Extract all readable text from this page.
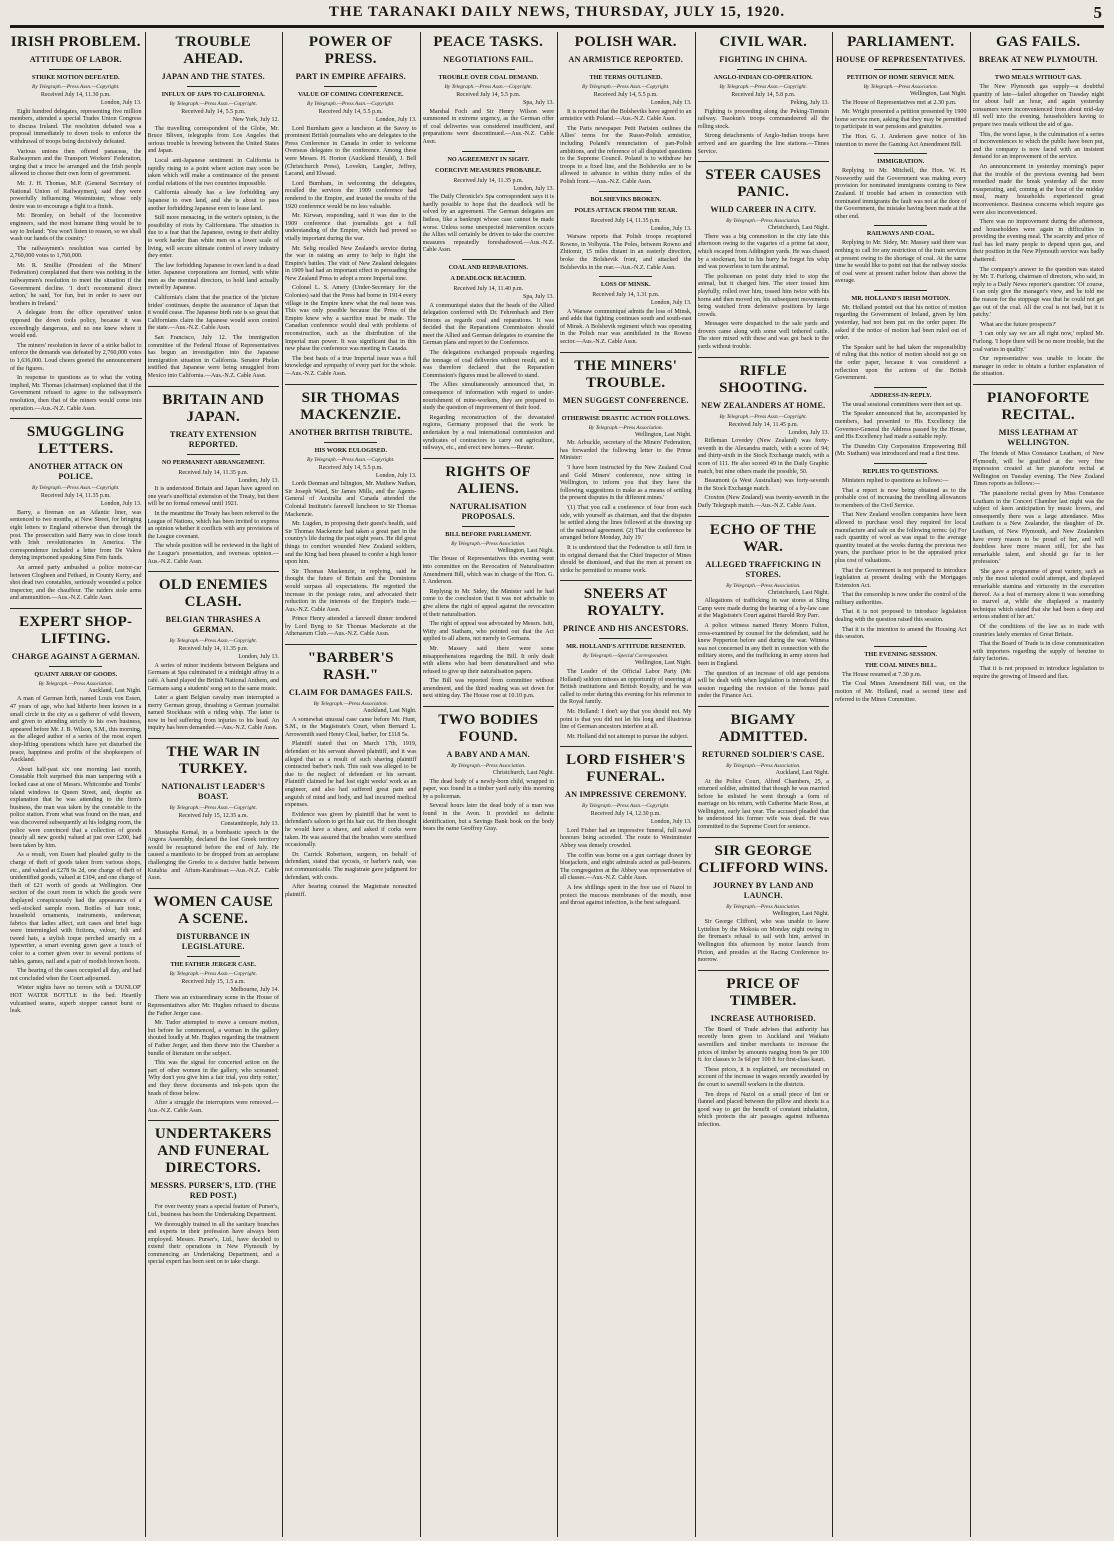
THE TARANAKI DAILY NEWS, THURSDAY, JULY 15, 1920.	5
IRISH PROBLEM.
ATTITUDE OF LABOR.
STRIKE MOTION DEFEATED.
By Telegraph.—Press Assn.—Copyright.
Received July 14, 11.30 p.m.
London, July 13.

Eight hundred delegates, representing five million members, attended a special Trades Union Congress to discuss Ireland. The resolution debated was a proposal immediately to down tools to enforce the withdrawal of troops being decisively defeated.

Various unions then offered panaceas, the Railwaymen and the Transport Workers' Federation, urging that a truce be arranged and the Irish people allowed to choose their own form of government.

Mr. J. H. Thomas, M.P. (General Secretary of National Union of Railwaymen), said they were powerfully influencing Westminster, whose only desire was to encourage a fight to a finish.

Mr. Bromley, on behalf of the locomotive engineers, said the most humane thing would be to say to Ireland: 'You won't listen to reason, so we shall wash our hands of the country.'

The railwaymen's resolution was carried by 2,760,000 votes to 1,760,000.

Mr. R. Smillie (President of the Miners' Federation) complained that there was nothing in the railwaymen's resolution to meet the situation if the Government decline. 'I don't recommend direct action,' he said, 'for fun, but in order to save our brothers in Ireland.'

A delegate from the office operatives' union opposed the down tools policy, because it was exceedingly dangerous, and no one knew where it would end.

The miners' resolution in favor of a strike ballot to enforce the demands was defeated by 2,760,000 votes to 1,636,000. Loud cheers greeted the announcement of the figures.

In response to questions as to what the voting implied, Mr. Thomas (chairman) explained that if the Government refused to agree to the railwaymen's resolution, then that of the miners would come into operation.—Aus.-N.Z. Cable Assn.

SMUGGLING LETTERS.
ANOTHER ATTACK ON POLICE.
By Telegraph.—Press Assn.—Copyright.
Received July 14, 11.35 p.m.
London, July 13.

Barry, a fireman on an Atlantic liner, was sentenced to two months, at New Street, for bringing eight letters to England otherwise than through the post. The prosecution said Barry was in close touch with Irish revolutionaries in America. The correspondence included a letter from De Valera denying imprisoned speaking Sinn Fein funds.

An armed party ambushed a police motor-car between Clogheen and Fethard, in County Kerry, and shot dead two constables, seriously wounded a police inspector, and the chauffeur. The raiders stole arms and ammunition.—Aus.-N.Z. Cable Assn.

EXPERT SHOP-LIFTING.
CHARGE AGAINST A GERMAN.
QUAINT ARRAY OF GOODS.
By Telegraph.—Press Association.
Auckland, Last Night.

A man of German birth, named Louis von Essen, 47 years of age, who had hitherto been known in a small circle in the city as a gatherer of wild flowers, and given to attending strictly to his own business, appeared before Mr. J. B. Wilson, S.M., this morning, as the alleged author of a series of the most expert shop-lifting operations which have yet disturbed the peace, happiness and profits of the shopkeepers of Auckland.

About half-past six one morning last month, Constable Holt surprised this man tampering with a locked case at one of Messrs. Whitcombe and Tombs' island windows in Queen Street, and, despite an explanation that he was attending to the firm's business, the man was taken by the constable to the police station. From what was found on the man, and was discovered subsequently at his lodging room, the police were convinced that a collection of goods (nearly all new goods) valued at just over £200, had been taken by him.

As a result, von Essen had pleaded guilty to the charge of theft of goods taken from various shops, etc., and valued at £278 9s 2d, one charge of theft of unidentified goods, valued at £104, and one charge of theft of £21 worth of goods at Wellington. One section of the court room in which the goods were displayed conspicuously had the appearance of a well-stocked sample room. Bottles of hair tonic, household ornaments, instruments, underwear, fabrics that ladies affect, suit cases and brief bags were intermingled with fictions, velour, felt and tweed hats, a stylish toque perched smartly on a typewriter, a smart evening gown gave a touch of color to a corner given over to several portions of tables, games, nail and a pair of modish brown boots.

The hearing of the cases occupied all day, and had not concluded when the Court adjourned.

Winter nights have no terrors with a 'DUNLOP' HOT WATER BOTTLE in the bed. Heartily vulcanised seams, superb stopper cannot burst or leak.

TROUBLE AHEAD.
JAPAN AND THE STATES.
INFLUX OF JAPS TO CALIFORNIA.
By Telegraph.—Press Assn.—Copyright.
Received July 14, 5.5 p.m.
New York, July 12.

The travelling correspondent of the Globe, Mr. Bruce Bliven, telegraphs from Los Angeles that serious trouble is brewing between the United States and Japan.

Local anti-Japanese sentiment in California is rapidly rising to a point where action may soon be taken which will make a continuance of the present cordial relations of the two countries impossible.

California already has a law forbidding any Japanese to own land, and she is about to pass another forbidding Japanese even to lease land.

Still more menacing, in the writer's opinion, is the possibility of riots by Californians. The situation is due to a fear that the Japanese, owing to their ability to work harder than white men on a lower scale of living, will secure ultimate control of every industry they enter.

The law forbidding Japanese to own land is a dead letter. Japanese corporations are formed, with white men as the nominal directors, to hold land actually owned by Japanese.

California's claim that the practice of the 'picture brides' continues, despite the assurance of Japan that it would cease. The Japanese birth rate is so great that Californians claim the Japanese would soon control the state.—Aus.-N.Z. Cable Assn.

San Francisco, July 12. The immigration committee of the Federal House of Representatives has begun an investigation into the Japanese immigration situation in California. Senator Phelan testified that Japanese were being smuggled from Mexico into California.—Aus.-N.Z. Cable Assn.

BRITAIN AND JAPAN.
TREATY EXTENSION REPORTED.
NO PERMANENT ARRANGEMENT.
Received July 14, 11.35 p.m.
London, July 13.

It is understood Britain and Japan have agreed on one year's unofficial extension of the Treaty, but there will be no formal renewal until 1921.

In the meantime the Treaty has been referred to the League of Nations, which has been invited to express an opinion whether it conflicts with any provisions of the League covenant.

The whole position will be reviewed in the light of the League's presentation, and overseas opinion.—Aus.-N.Z. Cable Assn.

OLD ENEMIES CLASH.
BELGIAN THRASHES A GERMAN.
By Telegraph.—Press Assn.—Copyright.
Received July 14, 11.35 p.m.
London, July 13.

A series of minor incidents between Belgians and Germans at Spa culminated in a midnight affray in a café. A band played the British National Anthem, and Germans sang a students' song set to the same music.

Later a giant Belgian cavalry man interrupted a merry German group, thrashing a German journalist named Stockhaus with a riding whip. The latter is now in bed suffering from injuries to his head. An inquiry has been demanded.—Aus.-N.Z. Cable Assn.

THE WAR IN TURKEY.
NATIONALIST LEADER'S BOAST.
By Telegraph.—Press Assn.—Copyright.
Received July 15, 12.35 a.m.
Constantinople, July 13.

Mustapha Kemal, in a bombastic speech in the Angora Assembly, declared the lost Greek territory would be recaptured before the end of July. He caused a manifesto to be dropped from an aeroplane challenging the Greeks to a decisive battle between Kutahia and Afium-Karahissar.—Aus.-N.Z. Cable Assn.

WOMEN CAUSE A SCENE.
DISTURBANCE IN LEGISLATURE.
THE FATHER JERGER CASE.
By Telegraph.—Press Assn.—Copyright.
Received July 15, 1.5 a.m.
Melbourne, July 14.

There was an extraordinary scene in the House of Representatives after Mr. Hughes refused to discuss the Father Jerger case.

Mr. Tudor attempted to move a censure motion, but before he commenced, a woman in the gallery shouted loudly at Mr. Hughes regarding the treatment of Father Jerger, and then threw into the Chamber a bundle of literature on the subject.

This was the signal for concerted action on the part of other women in the gallery, who screamed: 'Why don't you give him a fair trial, you dirty rotter,' and they threw documents and ink-pots upon the heads of those below.

After a struggle the interrupters were removed.—Aus.-N.Z. Cable Assn.

UNDERTAKERS AND FUNERAL DIRECTORS.
MESSRS. PURSER'S, LTD. (THE RED POST.)

For over twenty years a special feature of Purser's, Ltd., business has been the Undertaking Department.

We thoroughly trained in all the sanitary branches and experts in their profession have always been employed. Messrs. Purser's, Ltd., have decided to extend their operations in New Plymouth by commencing an Undertaking Department, and a special expert has been sent on to take charge.

POWER OF PRESS.
PART IN EMPIRE AFFAIRS.
VALUE OF COMING CONFERENCE.
By Telegraph.—Press Assn.—Copyright.
Received July 14, 5.5 p.m.
London, July 13.

Lord Burnham gave a luncheon at the Savoy to prominent British journalists who are delegates to the Press Conference in Canada in order to welcome Overseas delegates to the conference. Among these were Messrs. H. Horton (Auckland Herald), J. Bell (Christchurch Press), Lovekin, Langler, Jeffrey, Lacand, and Elwaad.

Lord Burnham, in welcoming the delegates, recalled the services the 1909 conference had rendered to the Empire, and trusted the results of the 1920 conference would be no less valuable.

Mr. Kirwan, responding, said it was due to the 1909 conference that journalists got a full understanding of the Empire, which had proved so vitally important during the war.

Mr. Selig recalled New Zealand's service during the war in raising an army to help to fight the Empire's battles. The visit of New Zealand delegates in 1909 had had an important effect in persuading the New Zealand Press to adopt a more Imperial tone.

Colonel L. S. Amery (Under-Secretary for the Colonies) said that the Press had borne in 1914 every village in the Empire knew what the real issue was. This was only possible because the Press of the Empire knew why a sacrifice must be made. The Canadian conference would deal with problems of reconstruction, such as the distribution of the Imperial man power. It was significant that in this new phase the conference was meeting in Canada.

The best basis of a true Imperial issue was a full knowledge and sympathy of every part for the whole.—Aus.-N.Z. Cable Assn.

SIR THOMAS MACKENZIE.
ANOTHER BRITISH TRIBUTE.
HIS WORK EULOGISED.
By Telegraph.—Press Assn.—Copyright.
Received July 14, 5.5 p.m.
London, July 13.

Lords Denman and Islington, Mr. Mathew Nathan, Sir Joseph Ward, Sir James Mills, and the Agents-General of Australia and Canada attended the Colonial Institute's farewell luncheon to Sir Thomas Mackenzie.

Mr. Lugden, in proposing their guest's health, said Sir Thomas Mackenzie had taken a great part in the country's life during the past eight years. He did great things to comfort wounded New Zealand soldiers, and the King had been pleased to confer a high honor upon him.

Sir Thomas Mackenzie, in replying, said he thought the future of Britain and the Dominions would surpass all expectations. He regretted the increase in the postage rates, and advocated their reduction in the interests of the Empire's trade.—Aus.-N.Z. Cable Assn.

Prince Henry attended a farewell dinner tendered by Lord Byng to Sir Thomas Mackenzie at the Athenaeum Club.—Aus.-N.Z. Cable Assn.

"BARBER'S RASH."
CLAIM FOR DAMAGES FAILS.
By Telegraph.—Press Association.
Auckland, Last Night.

A somewhat unusual case came before Mr. Hunt, S.M., in the Magistrate's Court, when Bernard L. Arrowsmith sued Henry Cleal, barber, for £118 5s.

Plaintiff stated that on March 17th, 1919, defendant or his servant shaved plaintiff, and it was alleged that as a result of such shaving plaintiff contracted barber's rash. This rash was alleged to be due to the neglect of defendant or his servant. Plaintiff claimed he had lost eight weeks' work as an engineer, and also had suffered great pain and anguish of mind and body, and had incurred medical expenses.

Evidence was given by plaintiff that he went to defendant's saloon to get his hair cut. He then thought he would have a shave, and asked if corks were taken. He was assured that the brushes were sterilised occasionally.

Dr. Carrick Robertson, surgeon, on behalf of defendant, stated that sycosis, or barber's rash, was not communicable. The magistrate gave judgment for defendant, with costs.

After hearing counsel the Magistrate nonsuited plaintiff.

PEACE TASKS.
NEGOTIATIONS FAIL.
TROUBLE OVER COAL DEMAND.
By Telegraph.—Press Assn.—Copyright.
Received July 14, 5.5 p.m.
Spa, July 13.

Marshal Foch and Sir Henry Wilson were summoned in extreme urgency, as the German offer of coal deliveries was considered insufficient, and preparations were discontinued.—Aus.-N.Z. Cable Assn.

NO AGREEMENT IN SIGHT.
COERCIVE MEASURES PROBABLE.
Received July 14, 11.35 p.m.
London, July 13.

The Daily Chronicle's Spa correspondent says it is hardly possible to hope that the deadlock will be solved by an agreement. The German delegates are listless, like a bankrupt whose case cannot be made worse. Unless some unexpected intervention occurs the Allies will certainly be driven to take the coercive measures repeatedly foreshadowed.—Aus.-N.Z. Cable Assn.

COAL AND REPARATIONS.
A DEADLOCK REACHED.
Received July 14, 11.40 p.m.
Spa, July 13.

A communiqué states that the heads of the Allied delegation conferred with Dr. Fehrenbach and Herr Simons as regards coal and reparations. It was decided that the Reparations Commission should meet the Allied and German delegates to examine the German plans and report to the Conference.

The delegations exchanged proposals regarding the tonnage of coal deliveries without result, and it was therefore declared that the Reparation Commission's figures must be allowed to stand.

The Allies simultaneously announced that, in consequence of information with regard to under-nourishment of mine-workers, they are prepared to study the question of improvement of their food.

Regarding reconstruction of the devastated regions, Germany proposed that the work be undertaken by a real international commission and syndicates of contractors to carry out agriculture, railways, etc., and erect new homes.—Reuter.

RIGHTS OF ALIENS.
NATURALISATION PROPOSALS.
BILL BEFORE PARLIAMENT.
By Telegraph.—Press Association.
Wellington, Last Night.

The House of Representatives this evening went into committee on the Revocation of Naturalisation Amendment Bill, which was in charge of the Hon. G. J. Anderson.

Replying to Mr. Sidey, the Minister said he had come to the conclusion that it was not advisable to give aliens the right of appeal against the revocation of their naturalisation.

The right of appeal was advocated by Messrs. Isitt, Witty and Statham, who pointed out that the Act applied to all aliens, not merely to Germans.

Mr. Massey said there were some misapprehensions regarding the Bill. It only dealt with aliens who had been denaturalised and who refused to give up their naturalisation papers.

The Bill was reported from committee without amendment, and the third reading was set down for next sitting day. The House rose at 10.10 p.m.

TWO BODIES FOUND.
A BABY AND A MAN.
By Telegraph.—Press Association.
Christchurch, Last Night.

The dead body of a newly-born child, wrapped in paper, was found in a timber yard early this morning by a policeman.

Several hours later the dead body of a man was found in the Avon. It provided no definite identification, but a Savings Bank book on the body bears the name Geoffrey Gray.

POLISH WAR.
AN ARMISTICE REPORTED.
THE TERMS OUTLINED.
By Telegraph.—Press Assn.—Copyright.
Received July 14, 5.5 p.m.
London, July 13.

It is reported that the Bolsheviks have agreed to an armistice with Poland.—Aus.-N.Z. Cable Assn.

The Paris newspaper Petit Parisien outlines the Allies' terms for the Russo-Polish armistice, including Poland's renunciation of pan-Polish ambitions, and the reference of all disputed questions to the Supreme Council. Poland is to withdraw her troops to a fixed line, and the Bolsheviks are to be allowed to advance to within thirty miles of the Polish front.—Aus.-N.Z. Cable Assn.

BOLSHEVIKS BROKEN.
POLES ATTACK FROM THE REAR.
Received July 14, 11.35 p.m.
London, July 13.

Warsaw reports that Polish troops recaptured Rowno, in Volhynia. The Poles, between Rowno and Zhitomir, 15 miles distant in an easterly direction, broke the Bolshevik front, and attacked the Bolsheviks in the rear.—Aus.-N.Z. Cable Assn.

LOSS OF MINSK.
Received July 14, 1.31 p.m.
London, July 13.

A Warsaw communiqué admits the loss of Minsk, and adds that fighting continues south and south-east of Minsk. A Bolshevik regiment which was operating in the Polish rear was annihilated in the Rowno sector.—Aus.-N.Z. Cable Assn.

THE MINERS' TROUBLE.
MEN SUGGEST CONFERENCE.
OTHERWISE DRASTIC ACTION FOLLOWS.
By Telegraph.—Press Association.
Wellington, Last Night.

Mr. Arbuckle, secretary of the Miners' Federation, has forwarded the following letter to the Prime Minister:

'I have been instructed by the New Zealand Coal and Gold Miners' conference, now sitting in Wellington, to inform you that they have the following suggestions to make as a means of settling the present disputes in the different mines.'

'(1) That you call a conference of four from each side, with yourself as chairman, and that the disputes be settled along the lines followed at the drawing up of the national agreement. (2) That the conference be arranged before Monday, July 19.'

It is understood that the Federation is still firm in its original demand that the Chief Inspector of Mines should be dismissed, and that the men at present on strike be permitted to resume work.

SNEERS AT ROYALTY.
PRINCE AND HIS ANCESTORS.
MR. HOLLAND'S ATTITUDE RESENTED.
By Telegraph.—Special Correspondent.
Wellington, Last Night.

The Leader of the Official Labor Party (Mr. Holland) seldom misses an opportunity of sneering at British institutions and British Royalty, and he was called to order during this evening for his reference to the Royal family.

Mr. Holland: I don't say that you should not. My point is that you did not let his long and illustrious line of German ancestors interfere at all.

Mr. Holland did not attempt to pursue the subject.

LORD FISHER'S FUNERAL.
AN IMPRESSIVE CEREMONY.
By Telegraph.—Press Assn.—Copyright.
Received July 14, 12.30 p.m.
London, July 13.

Lord Fisher had an impressive funeral, full naval honours being accorded. The route to Westminster Abbey was densely crowded.

The coffin was borne on a gun carriage drawn by bluejackets, and eight admirals acted as pall-bearers. The congregation at the Abbey was representative of all classes.—Aus.-N.Z. Cable Assn.

A few shillings spent in the free use of Nazol to protect the mucous membranes of the mouth, nose and throat against infection, is the best safeguard.

CIVIL WAR.
FIGHTING IN CHINA.
ANGLO-INDIAN CO-OPERATION.
By Telegraph.—Press Assn.—Copyright.
Received July 14, 5.8 p.m.
Peking, July 13.

Fighting is proceeding along the Peking-Tientsin railway. Tsaokun's troops commandeered all the rolling stock.

Strong detachments of Anglo-Indian troops have arrived and are guarding the line stations.—Times Service.

STEER CAUSES PANIC.
WILD CAREER IN A CITY.
By Telegraph.—Press Association.
Christchurch, Last Night.

There was a big commotion in the city late this afternoon owing to the vagaries of a prime fat steer, which escaped from Addington yards. He was chased by a stockman, but in his hurry he forgot his whip and was powerless to turn the animal.

The policeman on point duty tried to stop the animal, but it charged him. The steer tossed him playfully, rolled over him, tossed him twice with his horns and then moved on, his subsequent movements being watched from defensive positions by large crowds.

Messages were despatched to the sale yards and drovers came along with some well tethered cattle. The steer mixed with these and was got back to the yards without trouble.

RIFLE SHOOTING.
NEW ZEALANDERS AT HOME.
By Telegraph.—Press Assn.—Copyright.
Received July 14, 11.45 p.m.
London, July 13.

Rifleman Lovedey (New Zealand) was forty-seventh in the Alexandra match, with a score of 94; and thirty-sixth in the Stock Exchange match, with a score of 111. He also scored 49 in the Daily Graphic match, but nine others made the possible, 50.

Beaumont (a West Australian) was forty-seventh in the Stock Exchange match.

Croxton (New Zealand) was twenty-seventh in the Daily Telegraph match.—Aus.-N.Z. Cable Assn.

ECHO OF THE WAR.
ALLEGED TRAFFICKING IN STORES.
By Telegraph.—Press Association.
Christchurch, Last Night.

Allegations of trafficking in war stores at Sling Camp were made during the hearing of a by-law case at the Magistrate's Court against Harold Roy Parr.

A police witness named Henry Monro Fulton, cross-examined by counsel for the defendant, said he knew Pepperton before and during the war. Witness was not concerned in any theft in connection with the military stores, and the trafficking in army stores had been in England.

The question of an increase of old age pensions will be dealt with when legislation is introduced this session regarding the revision of the bonus paid under the Finance Act.

BIGAMY ADMITTED.
RETURNED SOLDIER'S CASE.
By Telegraph.—Press Association.
Auckland, Last Night.

At the Police Court, Alfred Chambers, 25, a returned soldier, admitted that though he was married before he enlisted he went through a form of marriage on his return, with Catherine Marie Ross, at Wellington, early last year. The accused pleaded that he understood his former wife was dead. He was committed to the Supreme Court for sentence.

SIR GEORGE CLIFFORD WINS.
JOURNEY BY LAND AND LAUNCH.
By Telegraph.—Press Association.
Wellington, Last Night.

Sir George Clifford, who was unable to leave Lyttelton by the Mokoia on Monday night owing to the fireman's refusal to sail with him, arrived in Wellington this afternoon by motor launch from Picton, and presides at the Racing Conference to-morrow.

PRICE OF TIMBER.
INCREASE AUTHORISED.

The Board of Trade advises that authority has recently been given to Auckland and Waikato sawmillers and timber merchants to increase the prices of timber by amounts ranging from 9s per 100 ft. for classes to 3s 6d per 100 ft for first-class kauri.

These prices, it is explained, are necessitated on account of the increase in wages recently awarded by the court to sawmill workers in the districts.

Ten drops of Nazol on a small piece of lint or flannel and placed between the pillow and sheets is a good way to get the benefit of constant inhalation, which protects the air passages against influenza infection.

PARLIAMENT.
HOUSE OF REPRESENTATIVES.
PETITION OF HOME SERVICE MEN.
By Telegraph.—Press Association.
Wellington, Last Night.

The House of Representatives met at 2.30 p.m.

Mr. Wright presented a petition presented by 1900 home service men, asking that they may be permitted to participate in war pensions and gratuities.

The Hon. G. J. Anderson gave notice of his intention to move the Gaming Act Amendment Bill.

IMMIGRATION.

Replying to Mr. Mitchell, the Hon. W. H. Nosworthy said the Government was making every provision for nominated immigrants coming to New Zealand. If trouble had arisen in connection with nominated immigrants the fault was not at the door of the Government, the mistake having been made at the other end.

RAILWAYS AND COAL.

Replying to Mr. Sidey, Mr. Massey said there was nothing to call for any restriction of the train services at present owing to the shortage of coal. At the same time he would like to point out that the railway stocks of coal were at present rather below than above the average.

MR. HOLLAND'S IRISH MOTION.

Mr. Holland pointed out that his notice of motion regarding the Government of Ireland, given by him yesterday, had not been put on the order paper. He asked if the notice of motion had been ruled out of order.

The Speaker said he had taken the responsibility of ruling that this notice of motion should not go on the order paper, because it was considered a reflection upon the actions of the British Government.

ADDRESS-IN-REPLY.

The usual sessional committees were then set up.

The Speaker announced that he, accompanied by members, had presented to His Excellency the Governor-General the Address passed by the House, and His Excellency had made a suitable reply.

The Dunedin City Corporation Empowering Bill (Mr. Statham) was introduced and read a first time.

REPLIES TO QUESTIONS.

Ministers replied to questions as follows:—

That a report is now being obtained as to the probable cost of increasing the travelling allowances to members of the Civil Service.

That New Zealand woollen companies have been allowed to purchase wool they required for local manufacture and sale on the following terms: (a) For such quantity of wool as was equal to the average quantity treated at the works during the previous two years, the purchase price to be the appraised price plus cost of valuations.

That the Government is not prepared to introduce legislation at present dealing with the Mortgages Extension Act.

That the censorship is now under the control of the military authorities.

That it is not proposed to introduce legislation dealing with the question raised this session.

That it is the intention to amend the Housing Act this session.

THE EVENING SESSION.
THE COAL MINES BILL.

The House resumed at 7.30 p.m.

The Coal Mines Amendment Bill was, on the motion of Mr. Holland, read a second time and referred to the Mines Committee.

GAS FAILS.
BREAK AT NEW PLYMOUTH.
TWO MEALS WITHOUT GAS.

The New Plymouth gas supply—a doubtful quantity of late—failed altogether on Tuesday night for about half an hour, and again yesterday consumers were inconvenienced from about mid-day till well into the evening, householders having to prepare two meals without the aid of gas.

This, the worst lapse, is the culmination of a series of inconveniences to which the public have been put, and the company is now faced with an insistent demand for an improvement of the service.

An announcement in yesterday morning's paper that the trouble of the previous evening had been remedied made the break yesterday all the more exasperating, and, coming at the hour of the midday meal, many households experienced great inconvenience. Business concerns which require gas were also inconvenienced.

There was no improvement during the afternoon, and householders were again in difficulties in providing the evening meal. The scarcity and price of fuel has led many people to depend upon gas, and their position in the New Plymouth service was badly shattered.

The company's answer to the question was stated by Mr. T. Furlong, chairman of directors, who said, in reply to a Daily News reporter's question: 'Of course, I can only give the manager's view, and he told me the reason for the stoppage was that he could not get gas out of the coal. All the coal is not bad, but it is patchy.'

'What are the future prospects?'

'I can only say we are all right now,' replied Mr. Furlong. 'I hope there will be no more trouble, but the coal varies in quality.'

Our representative was unable to locate the manager in order to obtain a further explanation of the situation.

PIANOFORTE RECITAL.
MISS LEATHAM AT WELLINGTON.

The friends of Miss Constance Leatham, of New Plymouth, will be gratified at the very fine impression created at her pianoforte recital at Wellington on Tuesday evening. The New Zealand Times reports as follows:—

'The pianoforte recital given by Miss Constance Leatham in the Concert Chamber last night was the subject of keen anticipation by music lovers, and consequently there was a large attendance. Miss Leatham is a New Zealander, the daughter of Dr. Leatham, of New Plymouth, and New Zealanders have every reason to be proud of her, and will doubtless have more reason still, for she has remarkable talent, and should go far in her profession.'

'She gave a programme of great variety, such as only the most talented could attempt, and displayed remarkable stamina and virtuosity in the execution thereof. As a feat of memory alone it was something to marvel at, while she displayed a masterly technique which stated that she had been a deep and serious student of her art.'

Of the conditions of the law as to trade with countries lately enemies of Great Britain.

That the Board of Trade is in close communication with importers regarding the supply of benzine to dairy factories.

That it is not proposed to introduce legislation to require the growing of linseed and flax.
